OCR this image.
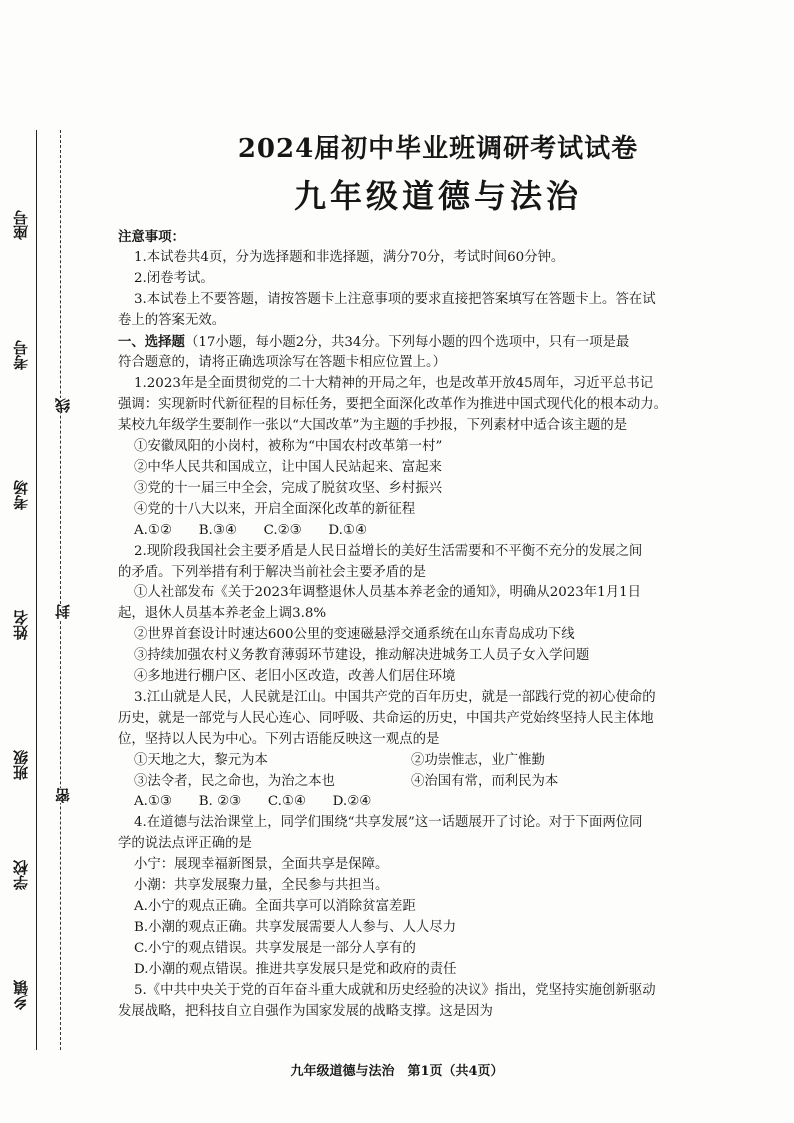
座号
考号
考场
姓名
班级
学校
乡镇
线
封
密
2024届初中毕业班调研考试试卷
九年级道德与法治
注意事项：
1.本试卷共4页，分为选择题和非选择题，满分70分，考试时间60分钟。
2.闭卷考试。
3.本试卷上不要答题，请按答题卡上注意事项的要求直接把答案填写在答题卡上。答在试
卷上的答案无效。
一、选择题（17小题，每小题2分，共34分。下列每小题的四个选项中，只有一项是最
符合题意的，请将正确选项涂写在答题卡相应位置上。）
1.2023年是全面贯彻党的二十大精神的开局之年，也是改革开放45周年，习近平总书记
强调：实现新时代新征程的目标任务，要把全面深化改革作为推进中国式现代化的根本动力。
某校九年级学生要制作一张以“大国改革”为主题的手抄报，下列素材中适合该主题的是
①安徽凤阳的小岗村，被称为“中国农村改革第一村”
②中华人民共和国成立，让中国人民站起来、富起来
③党的十一届三中全会，完成了脱贫攻坚、乡村振兴
④党的十八大以来，开启全面深化改革的新征程
A.①②　　B.③④　　C.②③　　D.①④
2.现阶段我国社会主要矛盾是人民日益增长的美好生活需要和不平衡不充分的发展之间
的矛盾。下列举措有利于解决当前社会主要矛盾的是
①人社部发布《关于2023年调整退休人员基本养老金的通知》，明确从2023年1月1日
起，退休人员基本养老金上调3.8%
②世界首套设计时速达600公里的变速磁悬浮交通系统在山东青岛成功下线
③持续加强农村义务教育薄弱环节建设，推动解决进城务工人员子女入学问题
④多地进行棚户区、老旧小区改造，改善人们居住环境
3.江山就是人民，人民就是江山。中国共产党的百年历史，就是一部践行党的初心使命的
历史，就是一部党与人民心连心、同呼吸、共命运的历史，中国共产党始终坚持人民主体地
位，坚持以人民为中心。下列古语能反映这一观点的是
①天地之大，黎元为本	②功崇惟志，业广惟勤
③法令者，民之命也，为治之本也	④治国有常，而利民为本
A.①③　　B. ②③　　C.①④　　D.②④
4.在道德与法治课堂上，同学们围绕“共享发展”这一话题展开了讨论。对于下面两位同
学的说法点评正确的是
小宁：展现幸福新图景，全面共享是保障。
小潮：共享发展聚力量，全民参与共担当。
A.小宁的观点正确。全面共享可以消除贫富差距
B.小潮的观点正确。共享发展需要人人参与、人人尽力
C.小宁的观点错误。共享发展是一部分人享有的
D.小潮的观点错误。推进共享发展只是党和政府的责任
5.《中共中央关于党的百年奋斗重大成就和历史经验的决议》指出，党坚持实施创新驱动
发展战略，把科技自立自强作为国家发展的战略支撑。这是因为
九年级道德与法治　第1页（共4页）
